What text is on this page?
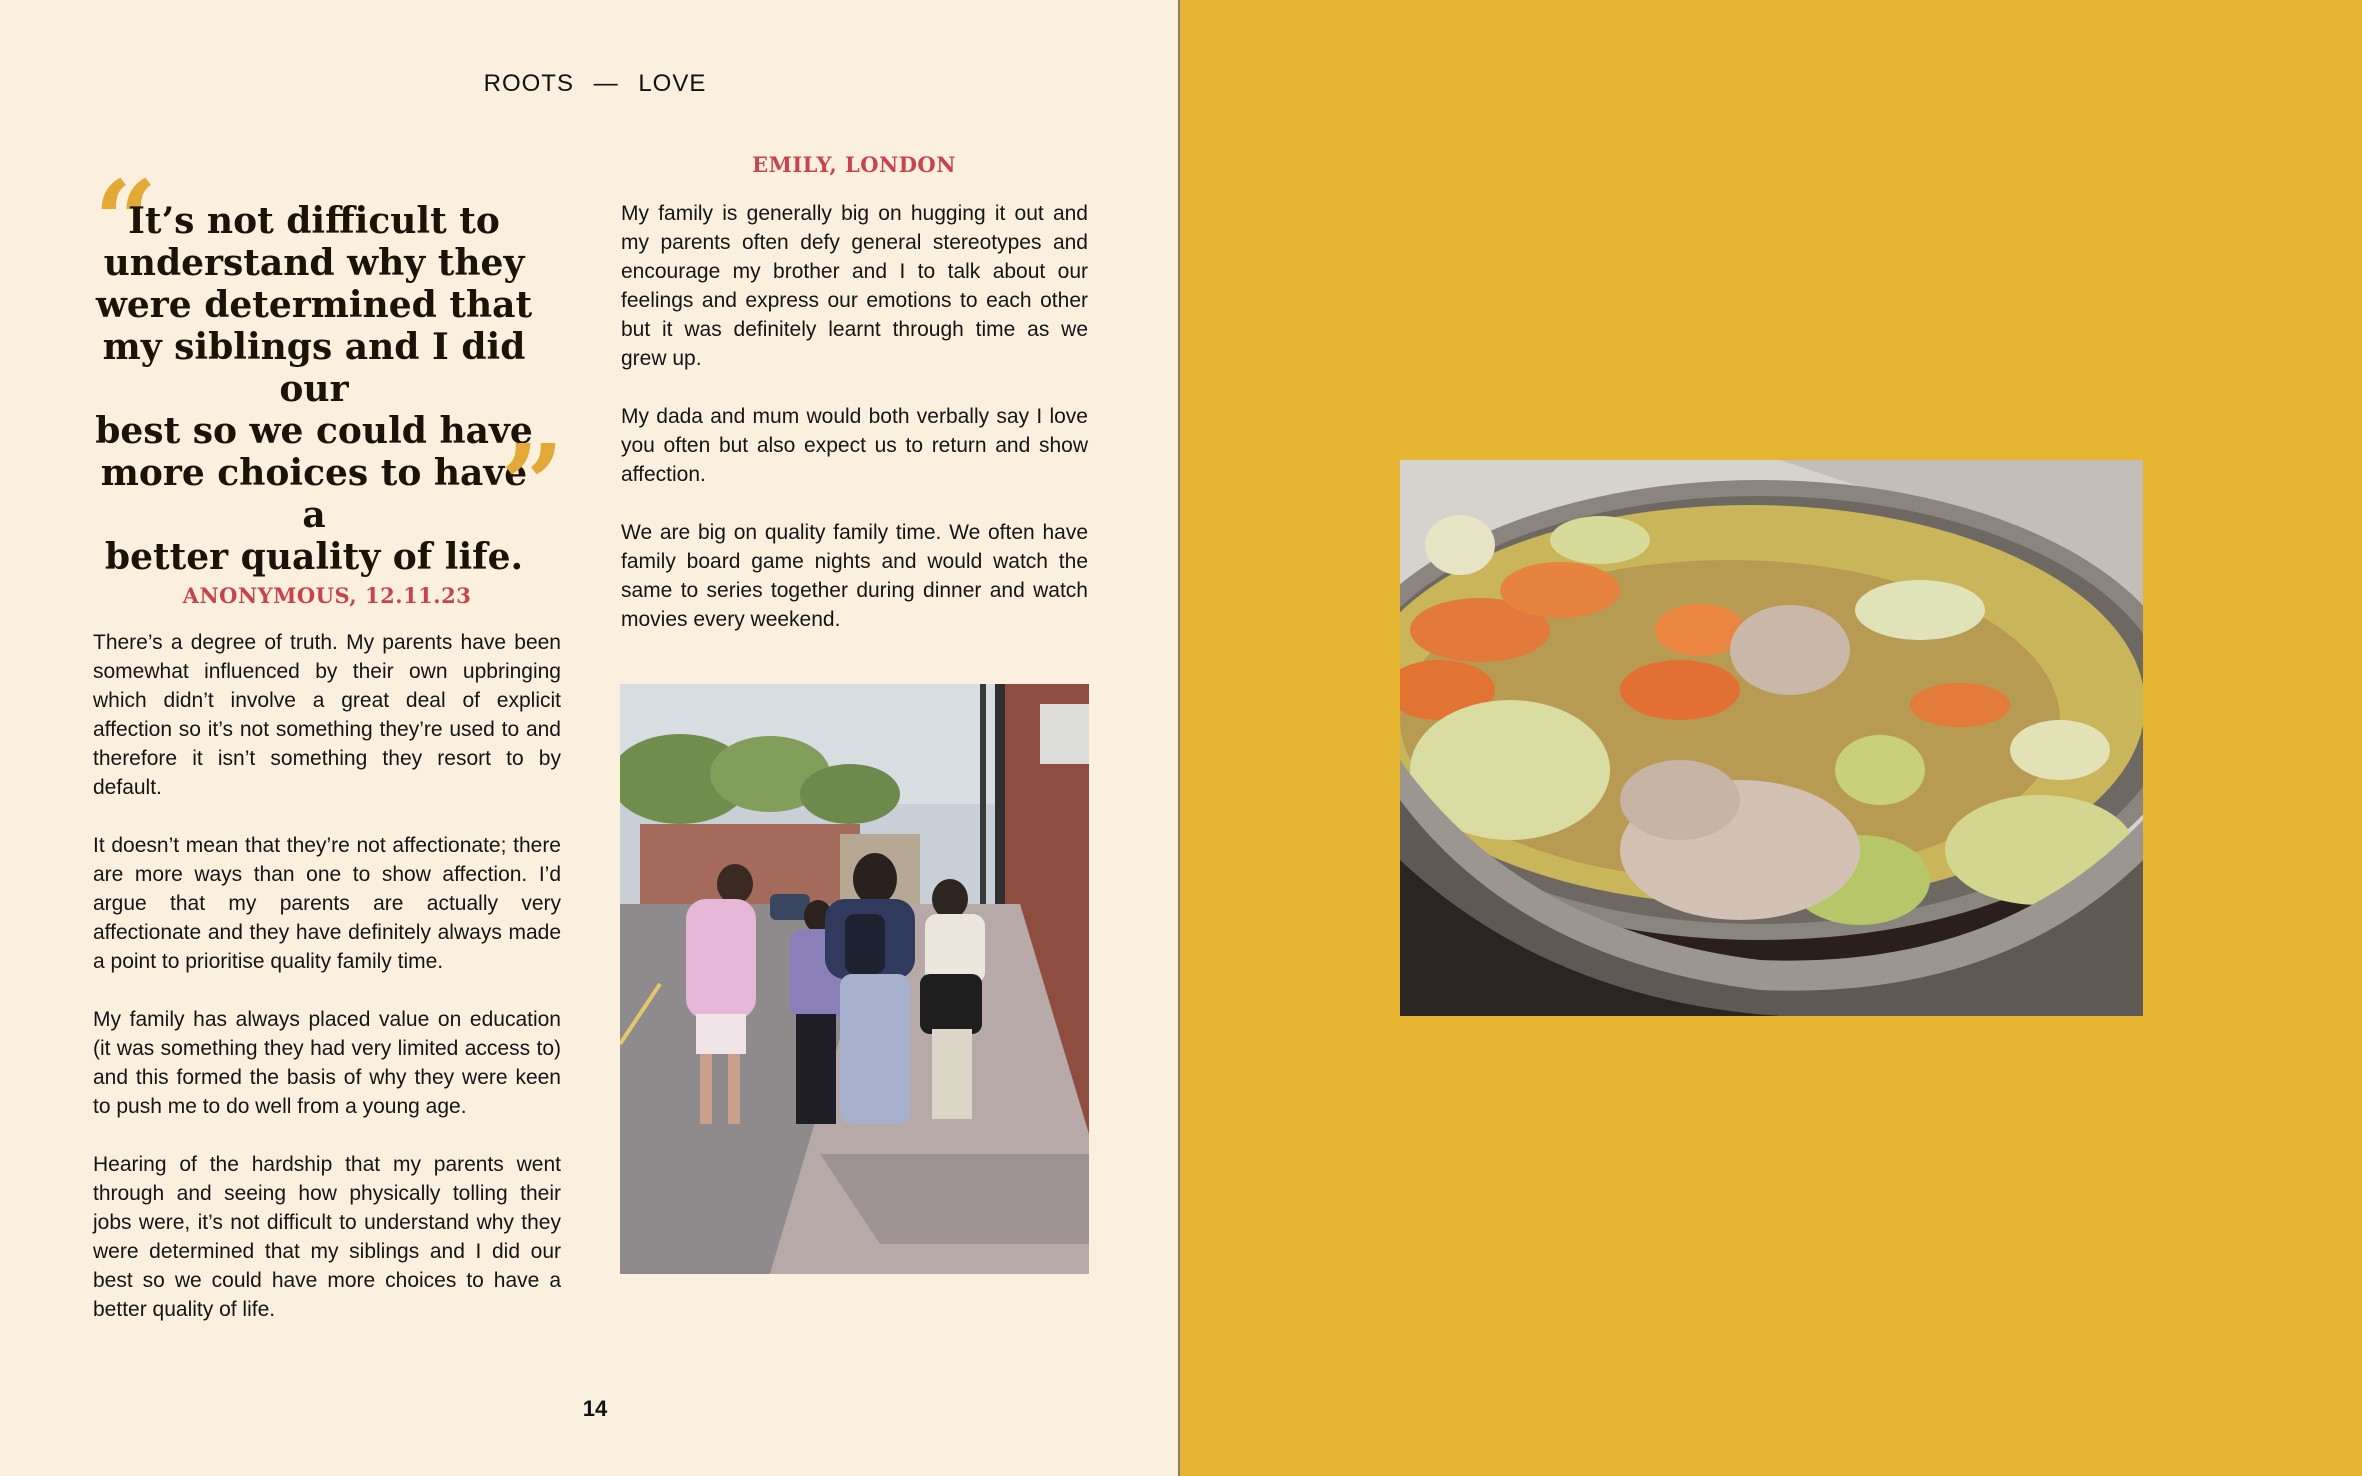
ROOTS — LOVE
“
It’s not difficult to
understand why they
were determined that
my siblings and I did our
best so we could have
more choices to have a
better quality of life.
”
ANONYMOUS, 12.11.23

There’s a degree of truth. My parents have been somewhat influenced by their own upbringing which didn’t involve a great deal of explicit affection so it’s not something they’re used to and therefore it isn’t something they resort to by default.

It doesn’t mean that they’re not affectionate; there are more ways than one to show affection. I’d argue that my parents are actually very affectionate and they have definitely always made a point to prioritise quality family time.

My family has always placed value on education (it was something they had very limited access to) and this formed the basis of why they were keen to push me to do well from a young age.

Hearing of the hardship that my parents went through and seeing how physically tolling their jobs were, it’s not difficult to understand why they were determined that my siblings and I did our best so we could have more choices to have a better quality of life.

EMILY, LONDON

My family is generally big on hugging it out and my parents often defy general stereotypes and encourage my brother and I to talk about our feelings and express our emotions to each other but it was definitely learnt through time as we grew up.

My dada and mum would both verbally say I love you often but also expect us to return and show affection.

We are big on quality family time. We often have family board game nights and would watch the same to series together during dinner and watch movies every weekend.

14
